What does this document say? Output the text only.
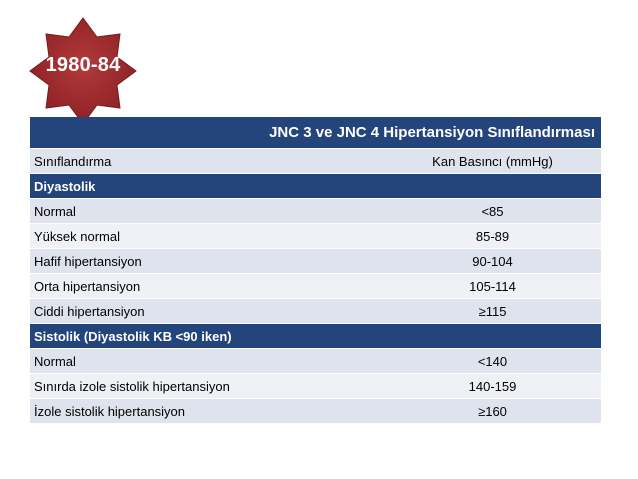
1980-84
JNC 3 ve JNC 4 Hipertansiyon Sınıflandırması
Sınıflandırma	Kan Basıncı (mmHg)
Diyastolik
Normal	<85
Yüksek normal	85-89
Hafif hipertansiyon	90-104
Orta hipertansiyon	105-114
Ciddi hipertansiyon	≥115
Sistolik (Diyastolik KB <90 iken)
Normal	<140
Sınırda izole sistolik hipertansiyon	140-159
İzole sistolik hipertansiyon	≥160
